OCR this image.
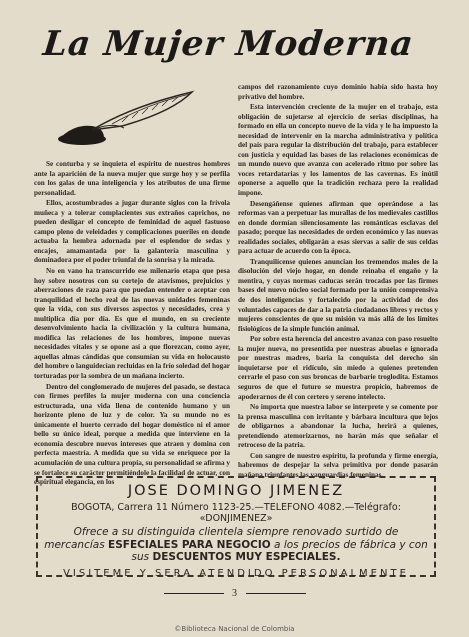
La Mujer Moderna

Se conturba y se inquieta el espíritu de nuestros hombres ante la aparición de la nueva mujer que surge hoy y se perfila con los galas de una inteligencia y los atributos de una firme personalidad.

Ellos, acostumbrados a jugar durante siglos con la frívola muñeca y a tolerar complacientes sus extraños caprichos, no pueden desligar el concepto de feminidad de aquel fastuoso campo pleno de veleidades y complicaciones pueriles en donde actuaba la hembra adornada por el esplendor de sedas y encajes, amamantada por la galantería masculina y dominadora por el poder triunfal de la sonrisa y la mirada.

No en vano ha transcurrido ese milenario etapa que pesa hoy sobre nosotros con su cortejo de atavismos, prejuicios y aberraciones de raza para que puedan entender o aceptar con tranquilidad el hecho real de las nuevas unidades femeninas que la vida, con sus diversos aspectos y necesidades, crea y multiplica día por día. Es que el mundo, en su creciente desenvolvimiento hacia la civilización y la cultura humana, modifica las relaciones de los hombres, impone nuevas necesidades vitales y se opone así a que florezcan, como ayer, aquellas almas cándidas que consumían su vida en holocausto del hombre o languidecían recluidas en la frío soledad del hogar torturadas por la sombra de un mañana incierto.

Dentro del conglomerado de mujeres del pasado, se destaca con firmes perfiles la mujer moderna con una conciencia estructurada, una vida llena de contenido humano y un horizonte pleno de luz y de color. Ya su mundo no es únicamente el huerto cerrado del hogar doméstico ni el amor bello su único ideal, porque a medida que interviene en la economía descubre nuevos intereses que atraen y domina con perfecta maestría. A medida que su vida se enriquece por la acumulación de una cultura propia, su personalidad se afirma y se fortalece su carácter permitiéndole la facilidad de actuar, con espiritual elegancia, en los

campos del razonamiento cuyo dominio había sido hasta hoy privativo del hombre.

Esta intervención creciente de la mujer en el trabajo, esta obligación de sujetarse al ejercicio de serias disciplinas, ha formado en ella un concepto nuevo de la vida y le ha impuesto la necesidad de intervenir en la marcha administrativa y política del país para regular la distribución del trabajo, para establecer con justicia y equidad las bases de las relaciones económicas de un mundo nuevo que avanza con acelerado ritmo por sobre las voces retardatarias y los lamentos de las cavernas. Es inútil oponerse a aquello que la tradición rechaza pero la realidad impone.

Desengáñense quienes afirman que operándose a las reformas van a perpetuar las murallas de los medievales castillos en donde dormían silenciosamente las románticas esclavas del pasado; porque las necesidades de orden económico y las nuevas realidades sociales, obligarán a esas siervas a salir de sus celdas para actuar de acuerdo con la época.

Tranquilícense quienes anuncian los tremendos males de la disolución del viejo hogar, en donde reinaba el engaño y la mentira, y cuyas normas caducas serán trocadas por las firmes bases del nuevo núcleo social formado por la unión comprensiva de dos inteligencias y fortalecido por la actividad de dos voluntades capaces de dar a la patria ciudadanos libres y rectos y mujeres conscientes de que su misión va más allá de los límites fisiológicos de la simple función animal.

Por sobre esta herencia del ancestro avanza con paso resuelto la mujer nueva, no presentida por nuestras abuelas e ignorada por nuestras madres, baria la conquista del derecho sin inquietarse por el ridículo, sin miedo a quienes pretenden cerrarle el paso con sus broncas de barbarie troglodita. Estamos seguros de que el futuro se muestra propicio, habremos de apoderarnos de él con certero y sereno intelecto.

No importa que nuestra labor se interprete y se comente por la prensa masculina con irritante y bárbara incultura que lejos de obligarnos a abandonar la lucha, herirá a quienes, pretendiendo atemorizarnos, no harán más que señalar el retroceso de la patria.

Con sangre de nuestro espíritu, la profunda y firme energía, habremos de despejar la selva primitiva por donde pasarán mañana triunfantes las vanguardias femeninas.

JOSE DOMINGO JIMENEZ
BOGOTA, Carrera 11 Número 1123-25.—TELEFONO 4082.—Telégrafo: «DONJIMENEZ»
Ofrece a su distinguida clientela siempre renovado surtido de mercancías ESFECIALES PARA NEGOCIO a los precios de fábrica y con sus DESCUENTOS MUY ESPECIALES.
VISITEME Y SERA ATENDIDO PERSONALMENTE
3
©Biblioteca Nacional de Colombia
